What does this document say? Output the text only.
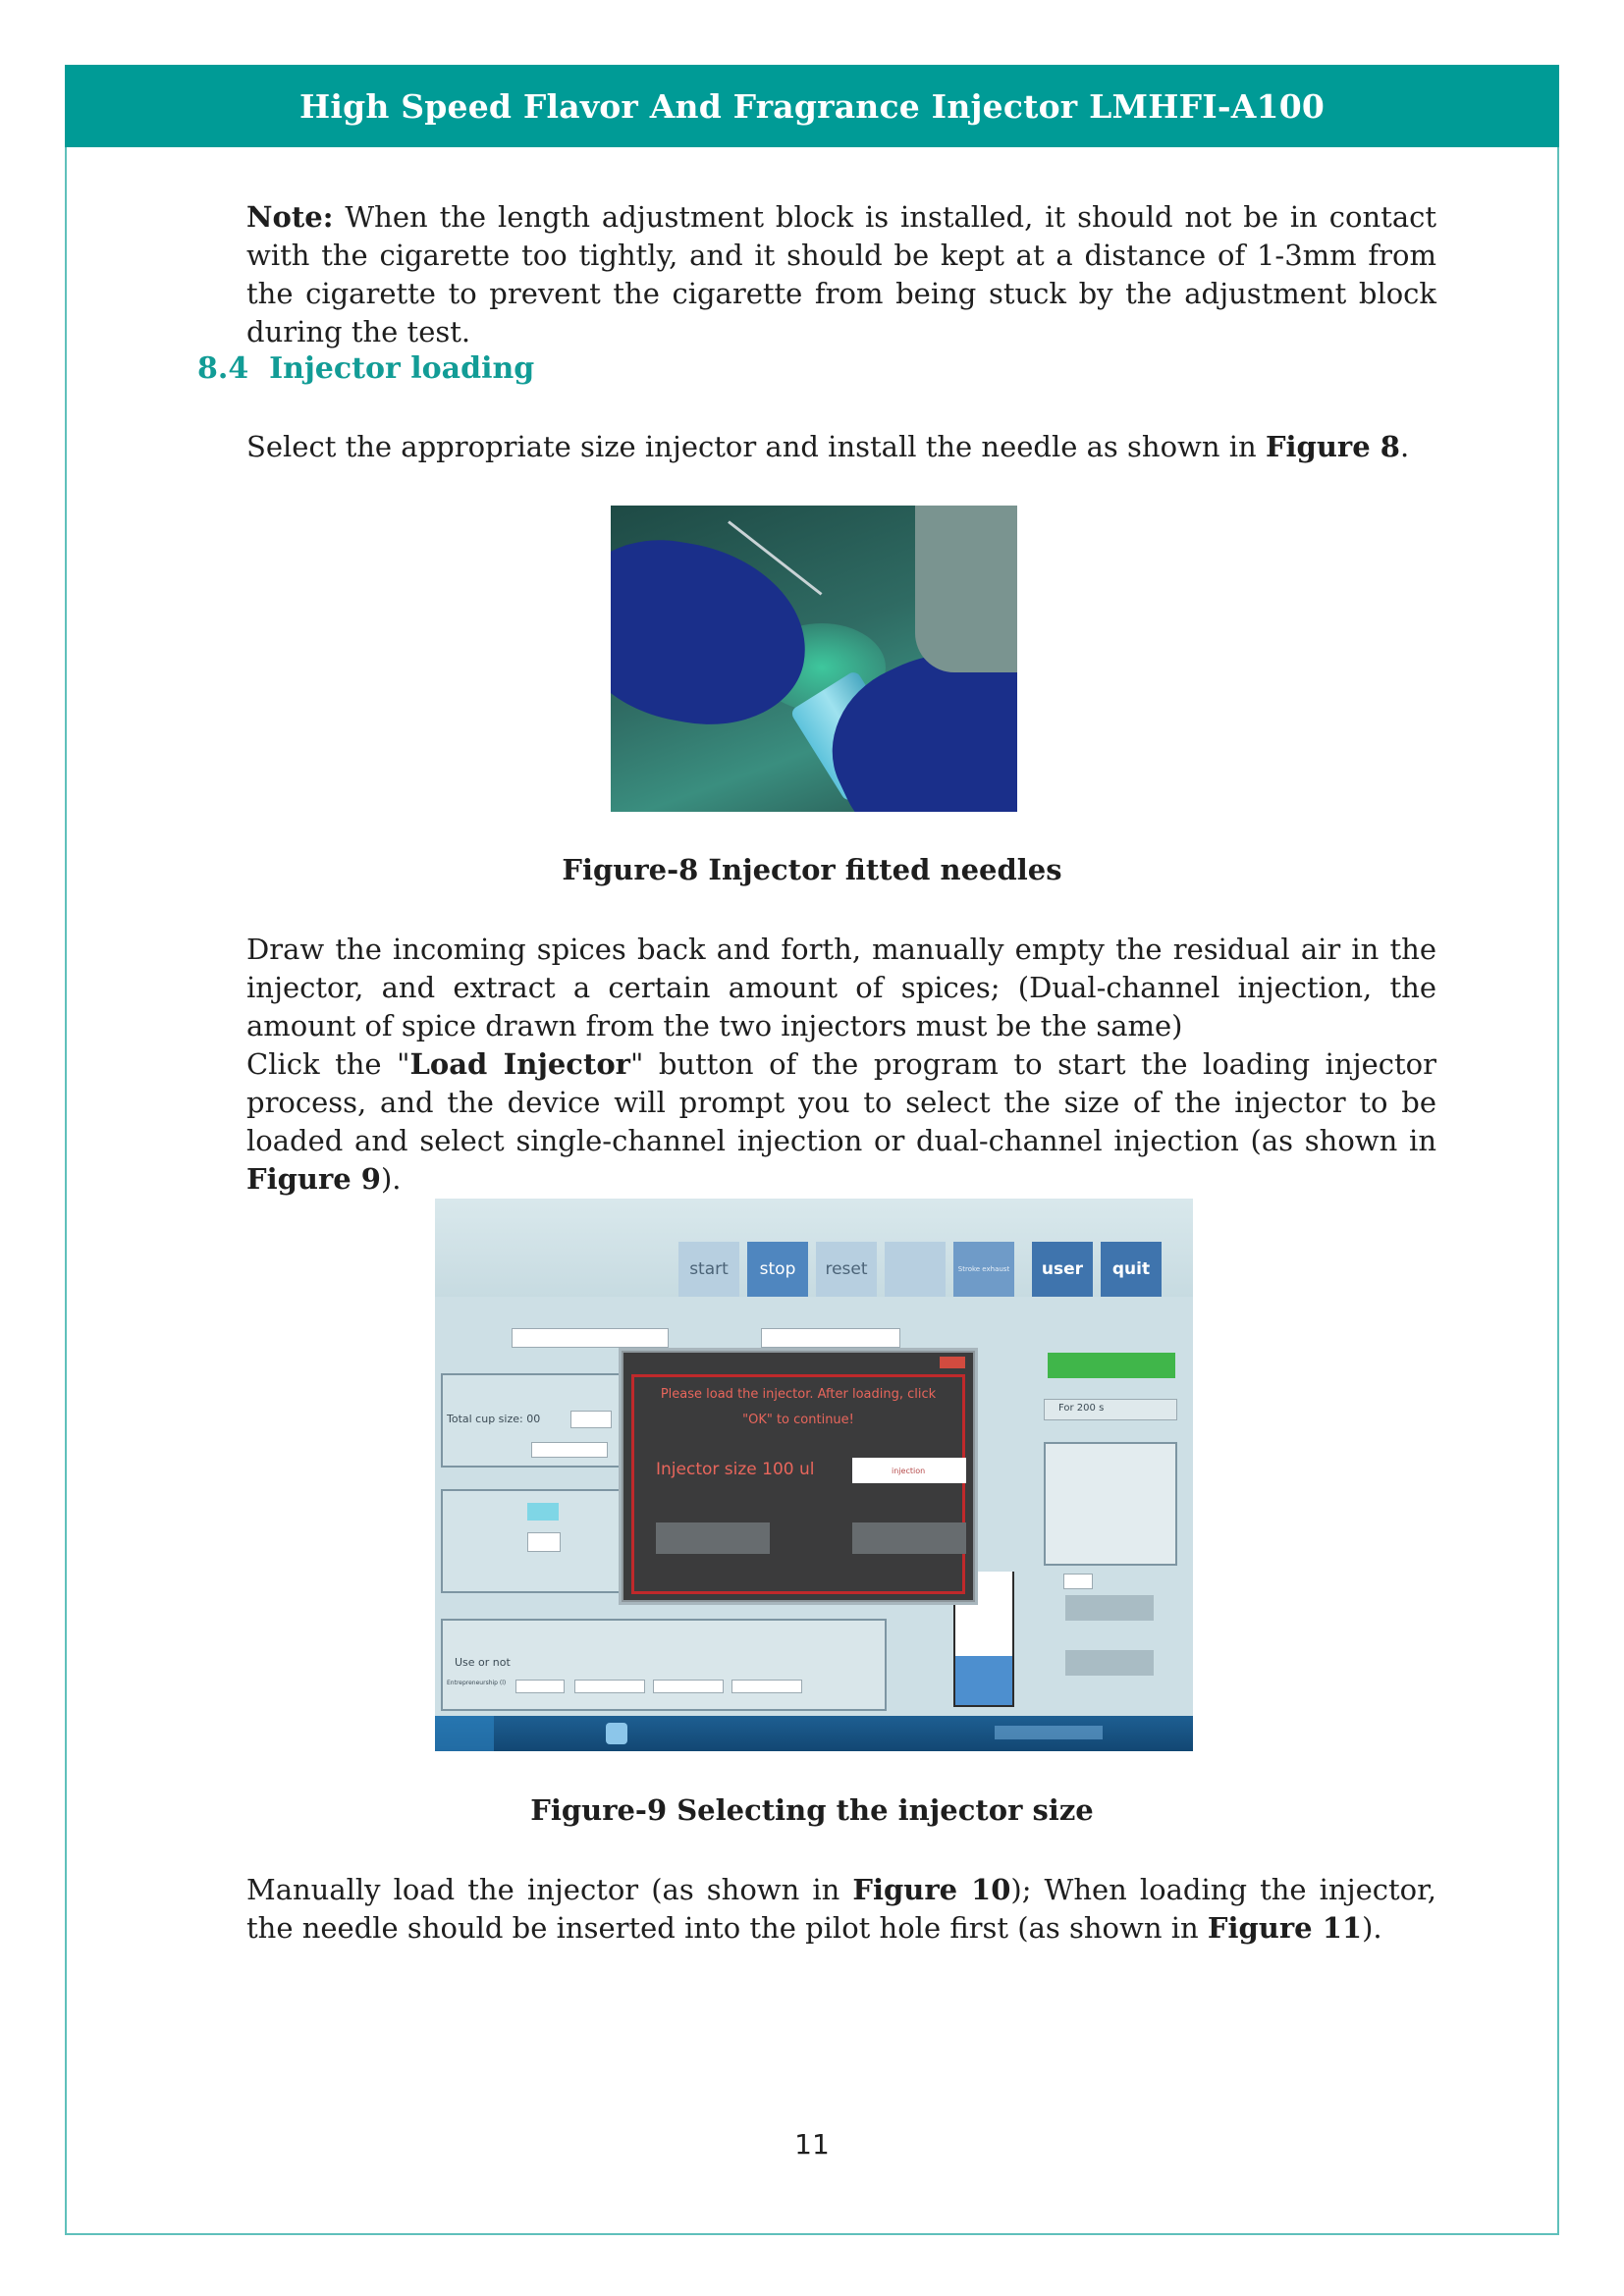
High Speed Flavor And Fragrance Injector LMHFI-A100

Note: When the length adjustment block is installed, it should not be in contact with the cigarette too tightly, and it should be kept at a distance of 1-3mm from the cigarette to prevent the cigarette from being stuck by the adjustment block during the test.

8.4 Injector loading

Select the appropriate size injector and install the needle as shown in Figure 8.

Figure-8 Injector fitted needles

Draw the incoming spices back and forth, manually empty the residual air in the injector, and extract a certain amount of spices; (Dual-channel injection, the amount of spice drawn from the two injectors must be the same)

Click the "Load Injector" button of the program to start the loading injector process, and the device will prompt you to select the size of the injector to be loaded and select single-channel injection or dual-channel injection (as shown in Figure 9).

start	stop	reset	Stroke exhaust	user	quit
Total cup size: 00
For 200 s
Use or not
Entrepreneurship (l)
Please load the injector. After loading, click
"OK" to continue!
Injector size 100 ul	injection

Figure-9 Selecting the injector size

Manually load the injector (as shown in Figure 10); When loading the injector, the needle should be inserted into the pilot hole first (as shown in Figure 11).

11
